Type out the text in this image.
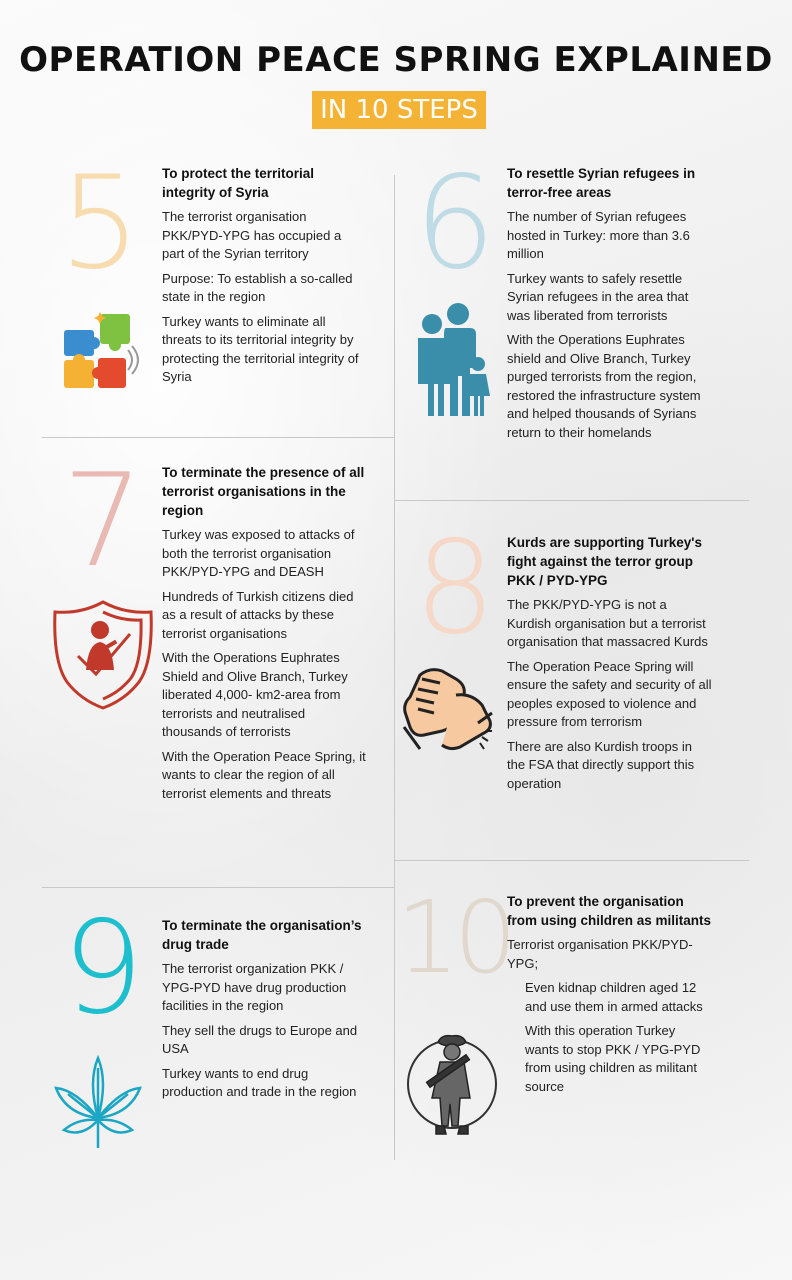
OPERATION PEACE SPRING EXPLAINED
IN 10 STEPS
5	To protect the territorial integrity of Syria
The terrorist organisation PKK/PYD-YPG has occupied a part of the Syrian territory
Purpose: To establish a so-called state in the region
Turkey wants to eliminate all threats to its territorial integrity by protecting the territorial integrity of Syria
6 To resettle Syrian refugees in terror-free areas
The number of Syrian refugees hosted in Turkey: more than 3.6 million
Turkey wants to safely resettle Syrian refugees in the area that was liberated from terrorists
With the Operations Euphrates shield and Olive Branch, Turkey purged terrorists from the region, restored the infrastructure system and helped thousands of Syrians return to their homelands
7	To terminate the presence of all terrorist organisations in the region
Turkey was exposed to attacks of both the terrorist organisation PKK/PYD-YPG and DEASH
Hundreds of Turkish citizens died as a result of attacks by these terrorist organisations
With the Operations Euphrates Shield and Olive Branch, Turkey liberated 4,000- km2-area from terrorists and neutralised thousands of terrorists
With the Operation Peace Spring, it wants to clear the region of all terrorist elements and threats
8 Kurds are supporting Turkey's fight against the terror group PKK / PYD-YPG
The PKK/PYD-YPG is not a Kurdish organisation but a terrorist organisation that massacred Kurds
The Operation Peace Spring will ensure the safety and security of all peoples exposed to violence and pressure from terrorism
There are also Kurdish troops in the FSA that directly support this operation
9	To terminate the organisation’s drug trade
The terrorist organization PKK / YPG-PYD have drug production facilities in the region
They sell the drugs to Europe and USA
Turkey wants to end drug production and trade in the region
10
To prevent the organisation from using children as militants
Terrorist organisation PKK/PYD-YPG;
Even kidnap children aged 12 and use them in armed attacks
With this operation Turkey wants to stop PKK / YPG-PYD from using children as militant source
